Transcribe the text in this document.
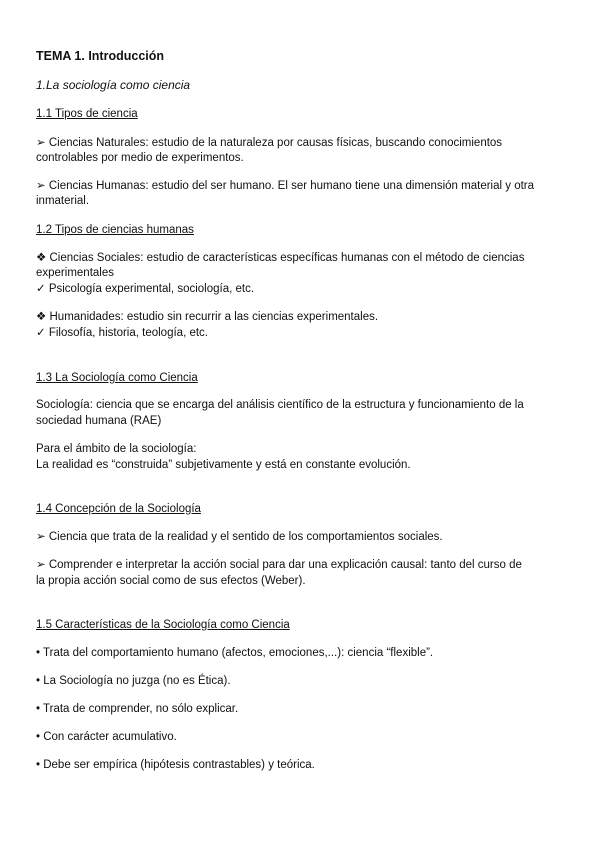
TEMA 1. Introducción
1.La sociología como ciencia
1.1 Tipos de ciencia
➢ Ciencias Naturales: estudio de la naturaleza por causas físicas, buscando conocimientos
controlables por medio de experimentos.
➢ Ciencias Humanas: estudio del ser humano. El ser humano tiene una dimensión material y otra
inmaterial.
1.2 Tipos de ciencias humanas
❖ Ciencias Sociales: estudio de características específicas humanas con el método de ciencias
experimentales
✓ Psicología experimental, sociología, etc.
❖ Humanidades: estudio sin recurrir a las ciencias experimentales.
✓ Filosofía, historia, teología, etc.
1.3 La Sociología como Ciencia
Sociología: ciencia que se encarga del análisis científico de la estructura y funcionamiento de la
sociedad humana (RAE)
Para el ámbito de la sociología:
La realidad es “construida” subjetivamente y está en constante evolución.
1.4 Concepción de la Sociología
➢ Ciencia que trata de la realidad y el sentido de los comportamientos sociales.
➢ Comprender e interpretar la acción social para dar una explicación causal: tanto del curso de
la propia acción social como de sus efectos (Weber).
1.5 Características de la Sociología como Ciencia
• Trata del comportamiento humano (afectos, emociones,...): ciencia “flexible”.
• La Sociología no juzga (no es Ética).
• Trata de comprender, no sólo explicar.
• Con carácter acumulativo.
• Debe ser empírica (hipótesis contrastables) y teórica.
